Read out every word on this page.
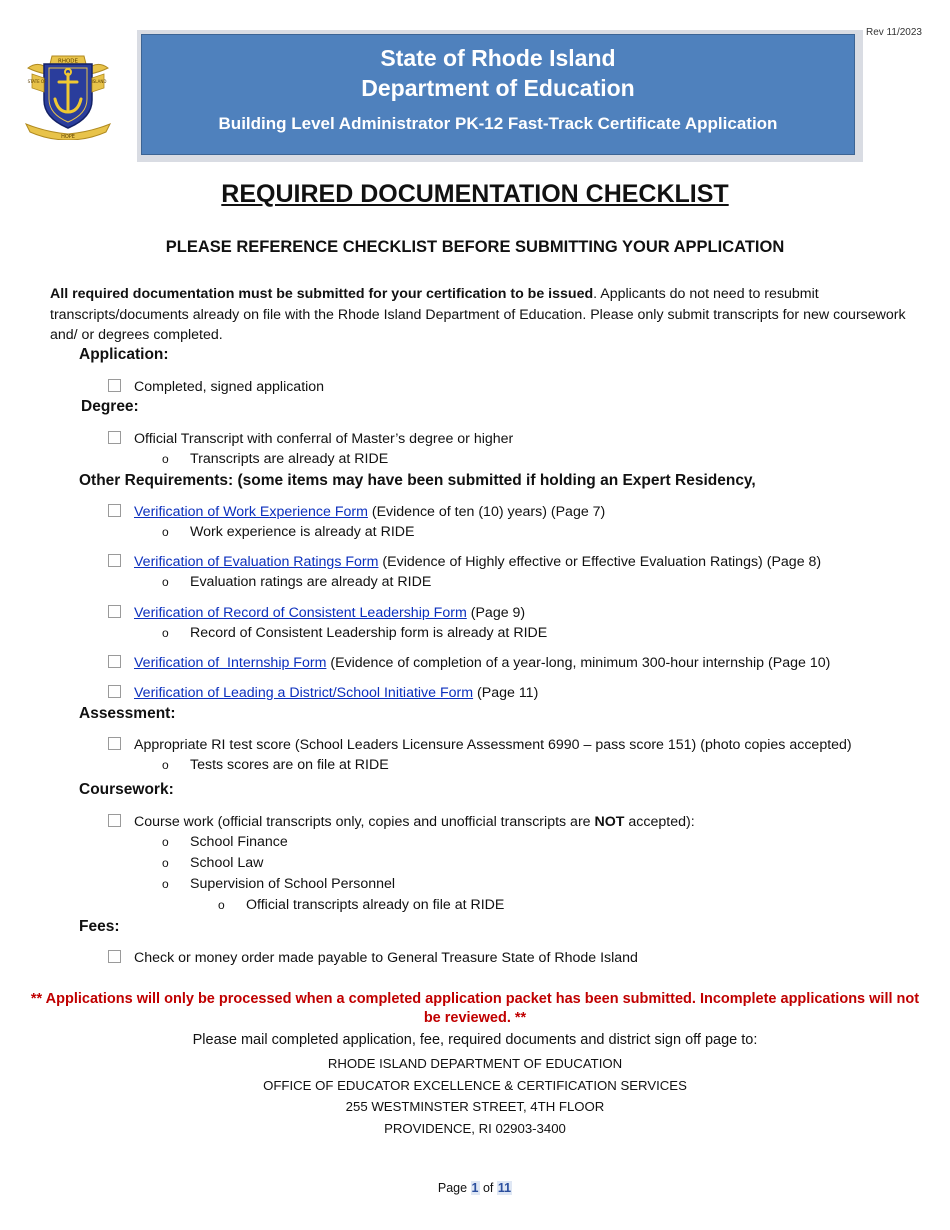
Rev 11/2023
RHODE
STATE OF	ISLAND
HOPE
State of Rhode Island
Department of Education
Building Level Administrator PK-12 Fast-Track Certificate Application
REQUIRED DOCUMENTATION CHECKLIST
PLEASE REFERENCE CHECKLIST BEFORE SUBMITTING YOUR APPLICATION
All required documentation must be submitted for your certification to be issued. Applicants do not need to resubmit transcripts/documents already on file with the Rhode Island Department of Education. Please only submit transcripts for new coursework and/ or degrees completed.
Application:
Completed, signed application
Degree:
Official Transcript with conferral of Master’s degree or higher
o Transcripts are already at RIDE
Other Requirements: (some items may have been submitted if holding an Expert Residency,
Verification of Work Experience Form (Evidence of ten (10) years) (Page 7)
o Work experience is already at RIDE
Verification of Evaluation Ratings Form (Evidence of Highly effective or Effective Evaluation Ratings) (Page 8)
o Evaluation ratings are already at RIDE
Verification of Record of Consistent Leadership Form (Page 9)
o Record of Consistent Leadership form is already at RIDE
Verification of  Internship Form (Evidence of completion of a year-long, minimum 300-hour internship (Page 10)
Verification of Leading a District/School Initiative Form (Page 11)
Assessment:
Appropriate RI test score (School Leaders Licensure Assessment 6990 – pass score 151) (photo copies accepted)
o Tests scores are on file at RIDE
Coursework:
Course work (official transcripts only, copies and unofficial transcripts are NOT accepted):
o School Finance
o School Law
o Supervision of School Personnel
o Official transcripts already on file at RIDE
Fees:
Check or money order made payable to General Treasure State of Rhode Island
** Applications will only be processed when a completed application packet has been submitted. Incomplete applications will not be reviewed. **
Please mail completed application, fee, required documents and district sign off page to:
RHODE ISLAND DEPARTMENT OF EDUCATION
OFFICE OF EDUCATOR EXCELLENCE & CERTIFICATION SERVICES
255 WESTMINSTER STREET, 4TH FLOOR
PROVIDENCE, RI 02903-3400
Page 1 of 11
